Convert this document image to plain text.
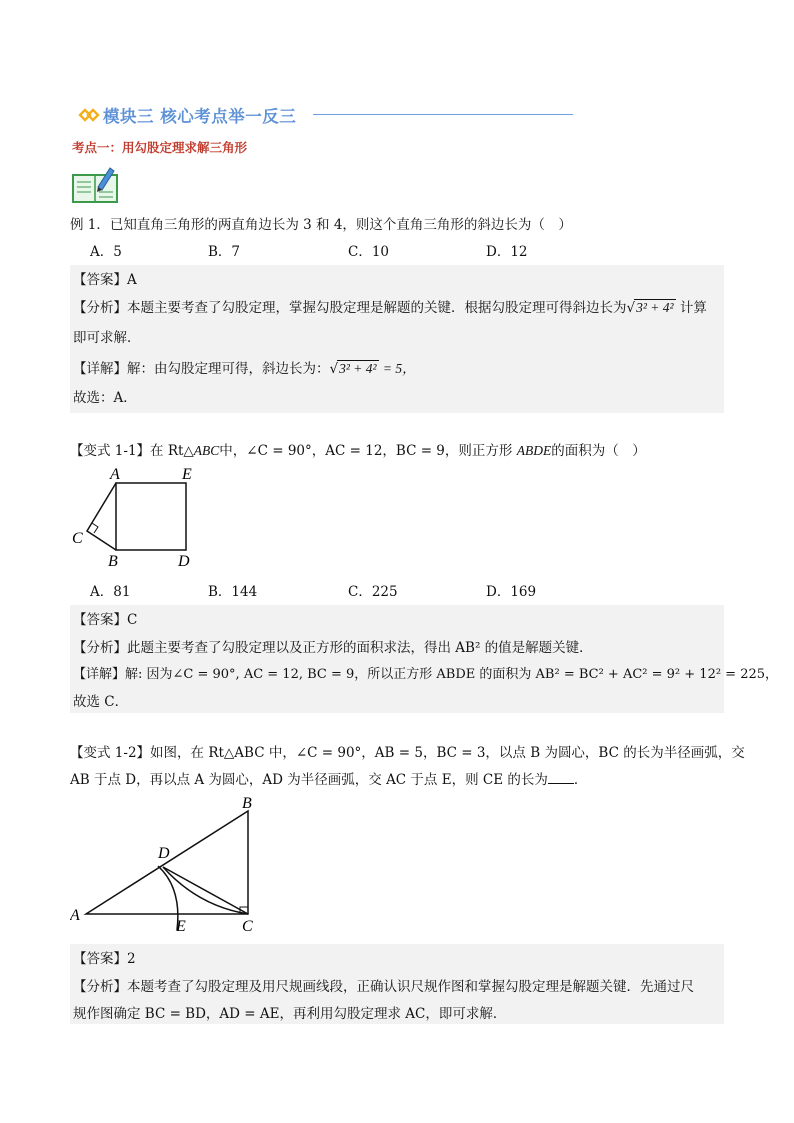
模块三 核心考点举一反三
考点一：用勾股定理求解三角形
例 1．已知直角三角形的两直角边长为 3 和 4，则这个直角三角形的斜边长为（　）
A．5	B．7	C．10	D．12
【答案】A
【分析】本题主要考查了勾股定理，掌握勾股定理是解题的关键．根据勾股定理可得斜边长为√3² + 4² 计算
即可求解．
【详解】解：由勾股定理可得，斜边长为：√3² + 4² = 5，
故选：A．
【变式 1-1】在 Rt△ABC中，∠C = 90°，AC = 12，BC = 9，则正方形 ABDE的面积为（　）
A	E
C
B	D
A．81	B．144	C．225	D．169
【答案】C
【分析】此题主要考查了勾股定理以及正方形的面积求法，得出 AB² 的值是解题关键．
【详解】解: 因为∠C = 90°, AC = 12, BC = 9，所以正方形 ABDE 的面积为 AB² = BC² + AC² = 9² + 12² = 225，
故选 C．
【变式 1-2】如图，在 Rt△ABC 中，∠C = 90°，AB = 5，BC = 3，以点 B 为圆心，BC 的长为半径画弧，交
AB 于点 D，再以点 A 为圆心，AD 为半径画弧，交 AC 于点 E，则 CE 的长为 ．
B
D
A
E	C
【答案】2
【分析】本题考查了勾股定理及用尺规画线段，正确认识尺规作图和掌握勾股定理是解题关键．先通过尺
规作图确定 BC = BD，AD = AE，再利用勾股定理求 AC，即可求解．
